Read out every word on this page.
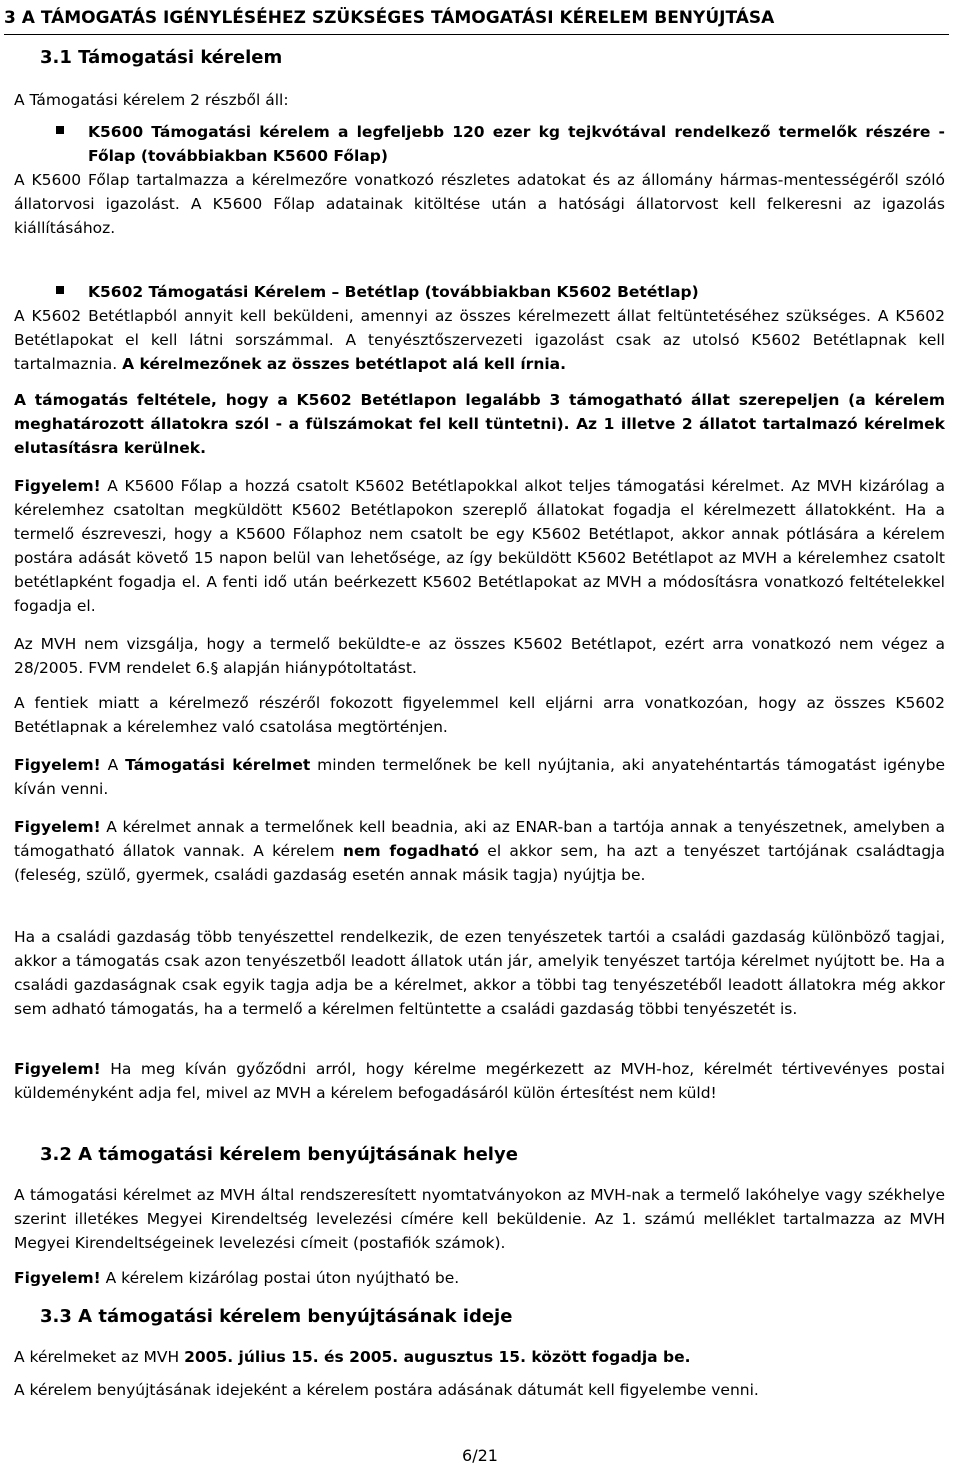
3 A TÁMOGATÁS IGÉNYLÉSÉHEZ SZÜKSÉGES TÁMOGATÁSI KÉRELEM BENYÚJTÁSA
3.1 Támogatási kérelem
A Támogatási kérelem 2 részből áll:
K5600 Támogatási kérelem a legfeljebb 120 ezer kg tejkvótával rendelkező termelők részére - Főlap (továbbiakban K5600 Főlap)
A K5600 Főlap tartalmazza a kérelmezőre vonatkozó részletes adatokat és az állomány hármas-mentességéről szóló állatorvosi igazolást. A K5600 Főlap adatainak kitöltése után a hatósági állatorvost kell felkeresni az igazolás kiállításához.
K5602 Támogatási Kérelem – Betétlap (továbbiakban K5602 Betétlap)
A K5602 Betétlapból annyit kell beküldeni, amennyi az összes kérelmezett állat feltüntetéséhez szükséges. A K5602 Betétlapokat el kell látni sorszámmal. A tenyésztőszervezeti igazolást csak az utolsó K5602 Betétlapnak kell tartalmaznia. A kérelmezőnek az összes betétlapot alá kell írnia.
A támogatás feltétele, hogy a K5602 Betétlapon legalább 3 támogatható állat szerepeljen (a kérelem meghatározott állatokra szól - a fülszámokat fel kell tüntetni). Az 1 illetve 2 állatot tartalmazó kérelmek elutasításra kerülnek.
Figyelem! A K5600 Főlap a hozzá csatolt K5602 Betétlapokkal alkot teljes támogatási kérelmet. Az MVH kizárólag a kérelemhez csatoltan megküldött K5602 Betétlapokon szereplő állatokat fogadja el kérelmezett állatokként. Ha a termelő észreveszi, hogy a K5600 Főlaphoz nem csatolt be egy K5602 Betétlapot, akkor annak pótlására a kérelem postára adását követő 15 napon belül van lehetősége, az így beküldött K5602 Betétlapot az MVH a kérelemhez csatolt betétlapként fogadja el. A fenti idő után beérkezett K5602 Betétlapokat az MVH a módosításra vonatkozó feltételekkel fogadja el.
Az MVH nem vizsgálja, hogy a termelő beküldte-e az összes K5602 Betétlapot, ezért arra vonatkozó nem végez a 28/2005. FVM rendelet 6.§ alapján hiánypótoltatást.
A fentiek miatt a kérelmező részéről fokozott figyelemmel kell eljárni arra vonatkozóan, hogy az összes K5602 Betétlapnak a kérelemhez való csatolása megtörténjen.
Figyelem! A Támogatási kérelmet minden termelőnek be kell nyújtania, aki anyatehéntartás támogatást igénybe kíván venni.
Figyelem! A kérelmet annak a termelőnek kell beadnia, aki az ENAR-ban a tartója annak a tenyészetnek, amelyben a támogatható állatok vannak. A kérelem nem fogadható el akkor sem, ha azt a tenyészet tartójának családtagja (feleség, szülő, gyermek, családi gazdaság esetén annak másik tagja) nyújtja be.
Ha a családi gazdaság több tenyészettel rendelkezik, de ezen tenyészetek tartói a családi gazdaság különböző tagjai, akkor a támogatás csak azon tenyészetből leadott állatok után jár, amelyik tenyészet tartója kérelmet nyújtott be. Ha a családi gazdaságnak csak egyik tagja adja be a kérelmet, akkor a többi tag tenyészetéből leadott állatokra még akkor sem adható támogatás, ha a termelő a kérelmen feltüntette a családi gazdaság többi tenyészetét is.
Figyelem! Ha meg kíván győződni arról, hogy kérelme megérkezett az MVH-hoz, kérelmét tértivevényes postai küldeményként adja fel, mivel az MVH a kérelem befogadásáról külön értesítést nem küld!
3.2 A támogatási kérelem benyújtásának helye
A támogatási kérelmet az MVH által rendszeresített nyomtatványokon az MVH-nak a termelő lakóhelye vagy székhelye szerint illetékes Megyei Kirendeltség levelezési címére kell beküldenie. Az 1. számú melléklet tartalmazza az MVH Megyei Kirendeltségeinek levelezési címeit (postafiók számok).
Figyelem! A kérelem kizárólag postai úton nyújtható be.
3.3 A támogatási kérelem benyújtásának ideje
A kérelmeket az MVH 2005. július 15. és 2005. augusztus 15. között fogadja be.
A kérelem benyújtásának idejeként a kérelem postára adásának dátumát kell figyelembe venni.
6/21
